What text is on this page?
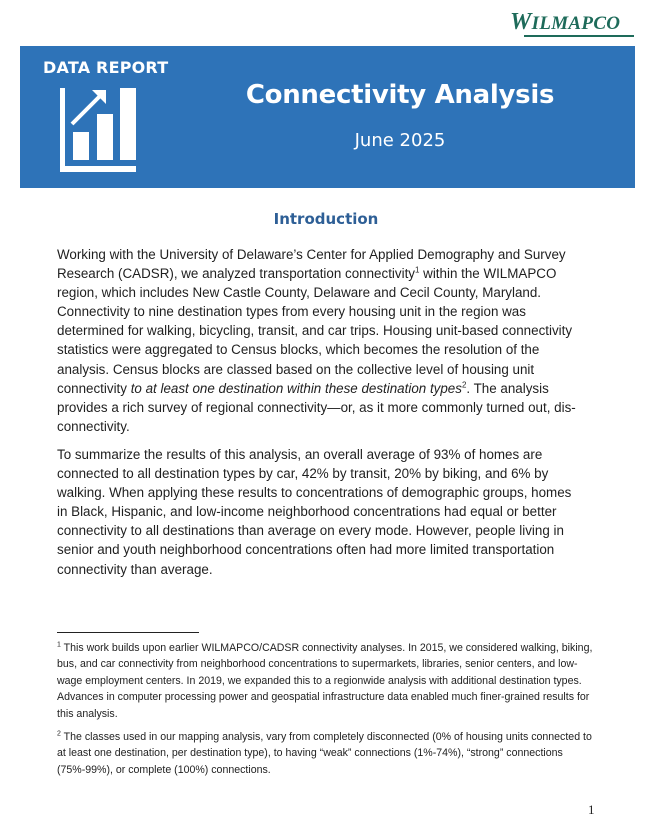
WILMAPCO
DATA REPORT
Connectivity Analysis
June 2025
Introduction
Working with the University of Delaware’s Center for Applied Demography and Survey Research (CADSR), we analyzed transportation connectivity$^1$ within the WILMAPCO region, which includes New Castle County, Delaware and Cecil County, Maryland. Connectivity to nine destination types from every housing unit in the region was determined for walking, bicycling, transit, and car trips. Housing unit-based connectivity statistics were aggregated to Census blocks, which becomes the resolution of the analysis. Census blocks are classed based on the collective level of housing unit connectivity to at least one destination within these destination types$^2$. The analysis provides a rich survey of regional connectivity—or, as it more commonly turned out, dis-connectivity.
To summarize the results of this analysis, an overall average of 93% of homes are connected to all destination types by car, 42% by transit, 20% by biking, and 6% by walking. When applying these results to concentrations of demographic groups, homes in Black, Hispanic, and low-income neighborhood concentrations had equal or better connectivity to all destinations than average on every mode. However, people living in senior and youth neighborhood concentrations often had more limited transportation connectivity than average.
$^1$ This work builds upon earlier WILMAPCO/CADSR connectivity analyses. In 2015, we considered walking, biking, bus, and car connectivity from neighborhood concentrations to supermarkets, libraries, senior centers, and low-wage employment centers. In 2019, we expanded this to a regionwide analysis with additional destination types. Advances in computer processing power and geospatial infrastructure data enabled much finer-grained results for this analysis.
$^2$ The classes used in our mapping analysis, vary from completely disconnected (0% of housing units connected to at least one destination, per destination type), to having “weak” connections (1%-74%), “strong” connections (75%-99%), or complete (100%) connections.
1
